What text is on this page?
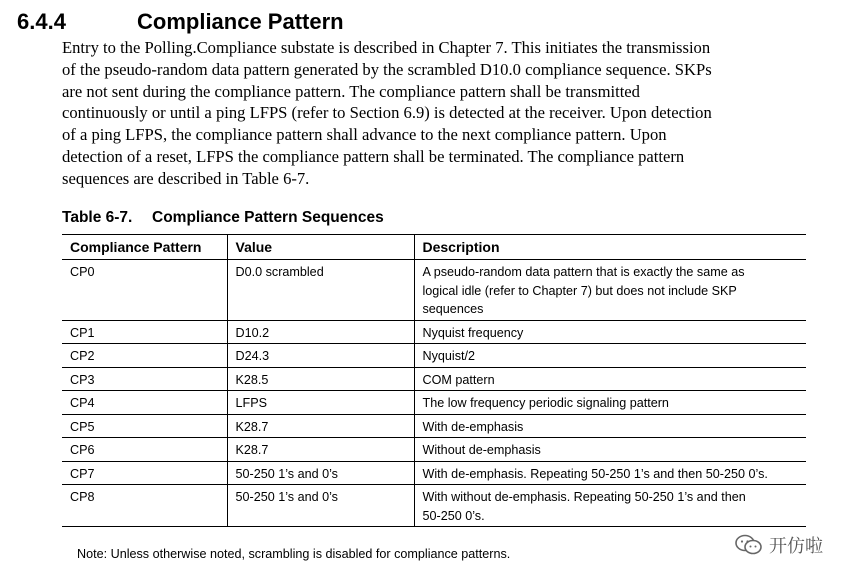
6.4.4	Compliance Pattern
Entry to the Polling.Compliance substate is described in Chapter 7. This initiates the transmission
of the pseudo-random data pattern generated by the scrambled D10.0 compliance sequence. SKPs
are not sent during the compliance pattern. The compliance pattern shall be transmitted
continuously or until a ping LFPS (refer to Section 6.9) is detected at the receiver. Upon detection
of a ping LFPS, the compliance pattern shall advance to the next compliance pattern. Upon
detection of a reset, LFPS the compliance pattern shall be terminated. The compliance pattern
sequences are described in Table 6-7.
Table 6-7. Compliance Pattern Sequences
Compliance Pattern	Value	Description
CP0	D0.0 scrambled	A pseudo-random data pattern that is exactly the same as
logical idle (refer to Chapter 7) but does not include SKP
sequences

CP1	D10.2	Nyquist frequency

CP2	D24.3	Nyquist/2

CP3	K28.5	COM pattern

CP4	LFPS	The low frequency periodic signaling pattern

CP5	K28.7	With de-emphasis

CP6	K28.7	Without de-emphasis

CP7	50-250 1’s and 0’s	With de-emphasis. Repeating 50-250 1’s and then 50-250 0’s.

CP8	50-250 1’s and 0’s	With without de-emphasis. Repeating 50-250 1’s and then
50-250 0’s.
Note: Unless otherwise noted, scrambling is disabled for compliance patterns.	开仿啦
